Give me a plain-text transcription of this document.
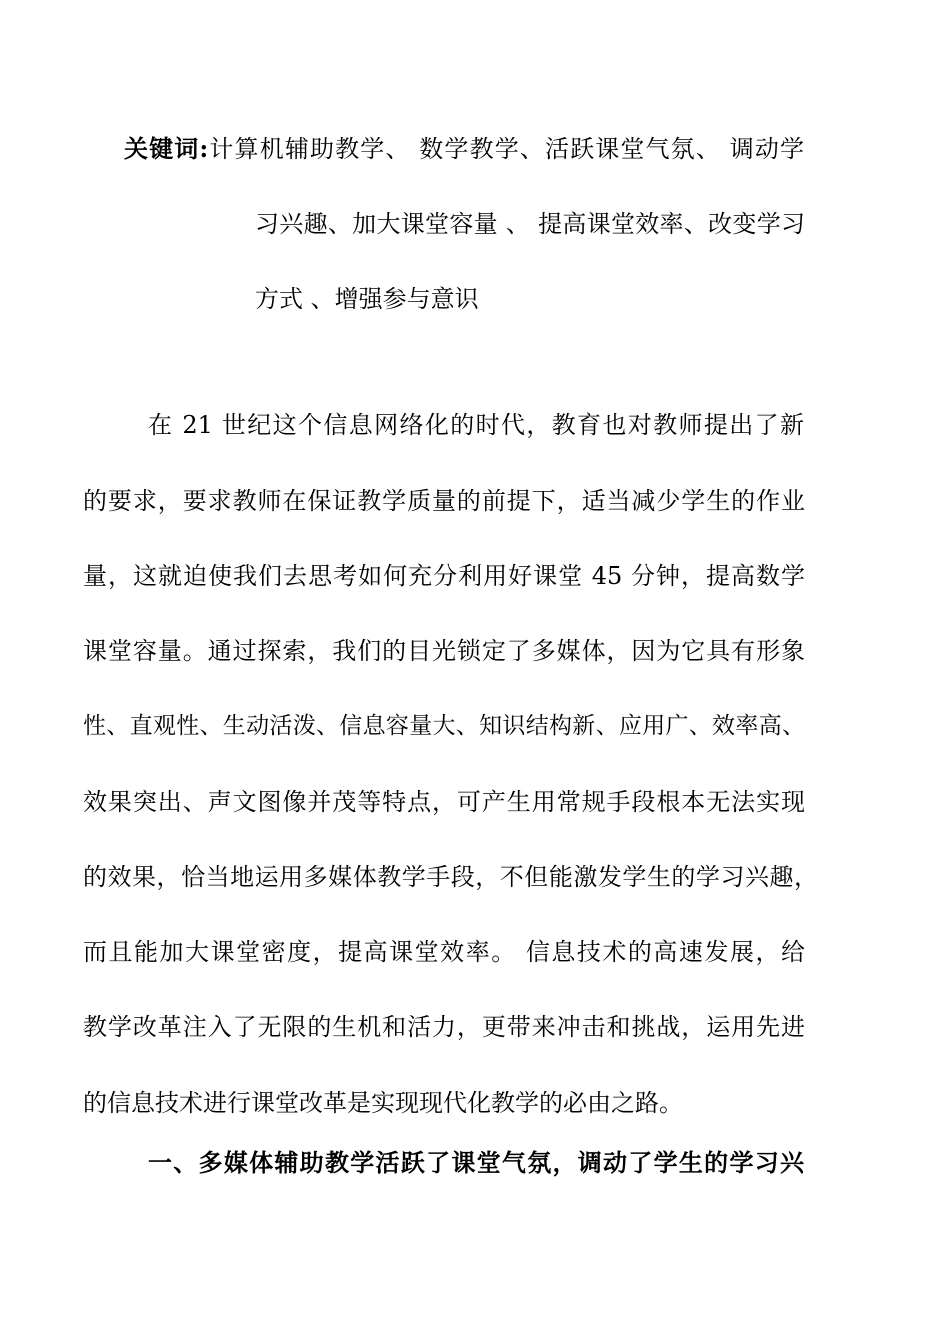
关键词:计算机辅助教学、 数学教学、活跃课堂气氛、 调动学
习兴趣、加大课堂容量 、 提高课堂效率、改变学习
方式 、增强参与意识
在 21 世纪这个信息网络化的时代，教育也对教师提出了新
的要求，要求教师在保证教学质量的前提下，适当减少学生的作业
量，这就迫使我们去思考如何充分利用好课堂 45 分钟，提高数学
课堂容量。通过探索，我们的目光锁定了多媒体，因为它具有形象
性、直观性、生动活泼、信息容量大、知识结构新、应用广、效率高、
效果突出、声文图像并茂等特点，可产生用常规手段根本无法实现
的效果，恰当地运用多媒体教学手段，不但能激发学生的学习兴趣，
而且能加大课堂密度，提高课堂效率。 信息技术的高速发展，给
教学改革注入了无限的生机和活力，更带来冲击和挑战，运用先进
的信息技术进行课堂改革是实现现代化教学的必由之路。
一、多媒体辅助教学活跃了课堂气氛，调动了学生的学习兴
